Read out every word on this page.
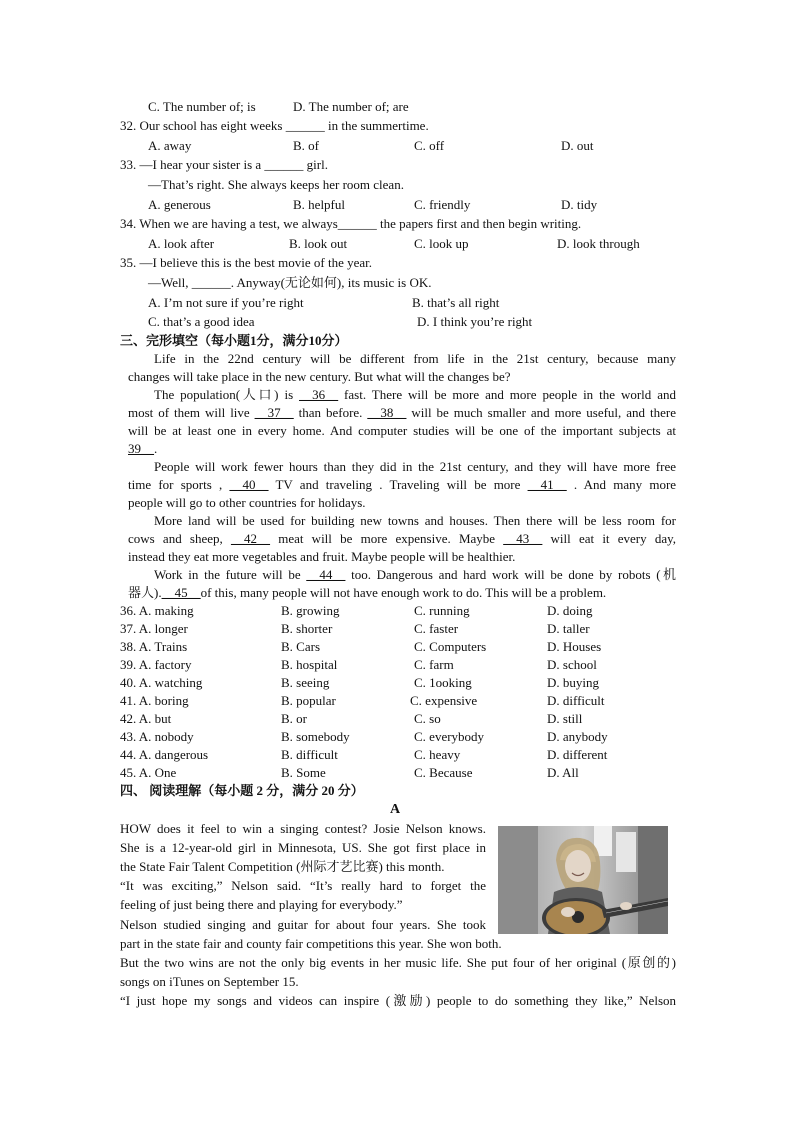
C. The number of; is	D. The number of; are
32. Our school has eight weeks ______ in the summertime.
A. away	B. of	C. off	D. out
33. —I hear your sister is a ______ girl.
—That’s right. She always keeps her room clean.
A. generous	B. helpful	C. friendly	D. tidy
34. When we are having a test, we always______ the papers first and then begin writing.
A. look after	B. look out	C. look up	D. look through
35. —I believe this is the best movie of the year.
—Well, ______. Anyway(无论如何), its music is OK.
A. I’m not sure if you’re right	B. that’s all right
C. that’s a good idea	D. I think you’re right
三、完形填空（每小题1分，满分10分）
Life in the 22nd century will be different from life in the 21st century, because many
changes will take place in the new century. But what will the changes be?
The population(人口) is __36__ fast. There will be more and more people in the world and
most of them will live __37__ than before. __38__ will be much smaller and more useful, and there
will be at least one in every home. And computer studies will be one of the important subjects at
39__.
People will work fewer hours than they did in the 21st century, and they will have more free
time for sports , __40__ TV and traveling . Traveling will be more __41__ . And many more
people will go to other countries for holidays.
More land will be used for building new towns and houses. Then there will be less room for
cows and sheep, __42__ meat will be more expensive. Maybe __43__ will eat it every day,
instead they eat more vegetables and fruit. Maybe people will be healthier.
Work in the future will be __44__ too. Dangerous and hard work will be done by robots (机
器人).__45__of this, many people will not have enough work to do. This will be a problem.
36. A. making	B. growing	C. running	D. doing
37. A. longer	B. shorter	C. faster	D. taller
38. A. Trains	B. Cars	C. Computers	D. Houses
39. A. factory	B. hospital	C. farm	D. school
40. A. watching	B. seeing	C. 1ooking	D. buying
41. A. boring	B. popular	C. expensive	D. difficult
42. A. but	B. or	C. so	D. still
43. A. nobody	B. somebody	C. everybody	D. anybody
44. A. dangerous	B. difficult	C. heavy	D. different
45. A. One	B. Some	C. Because	D. All
四、 阅读理解（每小题 2 分，满分 20 分）
A
HOW does it feel to win a singing contest? Josie Nelson knows.
She is a 12-year-old girl in Minnesota, US. She got first place in
the State Fair Talent Competition (州际才艺比赛) this month.
“It was exciting,” Nelson said. “It’s really hard to forget the
feeling of just being there and playing for everybody.”
Nelson studied singing and guitar for about four years. She took
part in the state fair and county fair competitions this year. She won both.
But the two wins are not the only big events in her music life. She put four of her original (原创的)
songs on iTunes on September 15.
“I just hope my songs and videos can inspire (激励) people to do something they like,” Nelson
